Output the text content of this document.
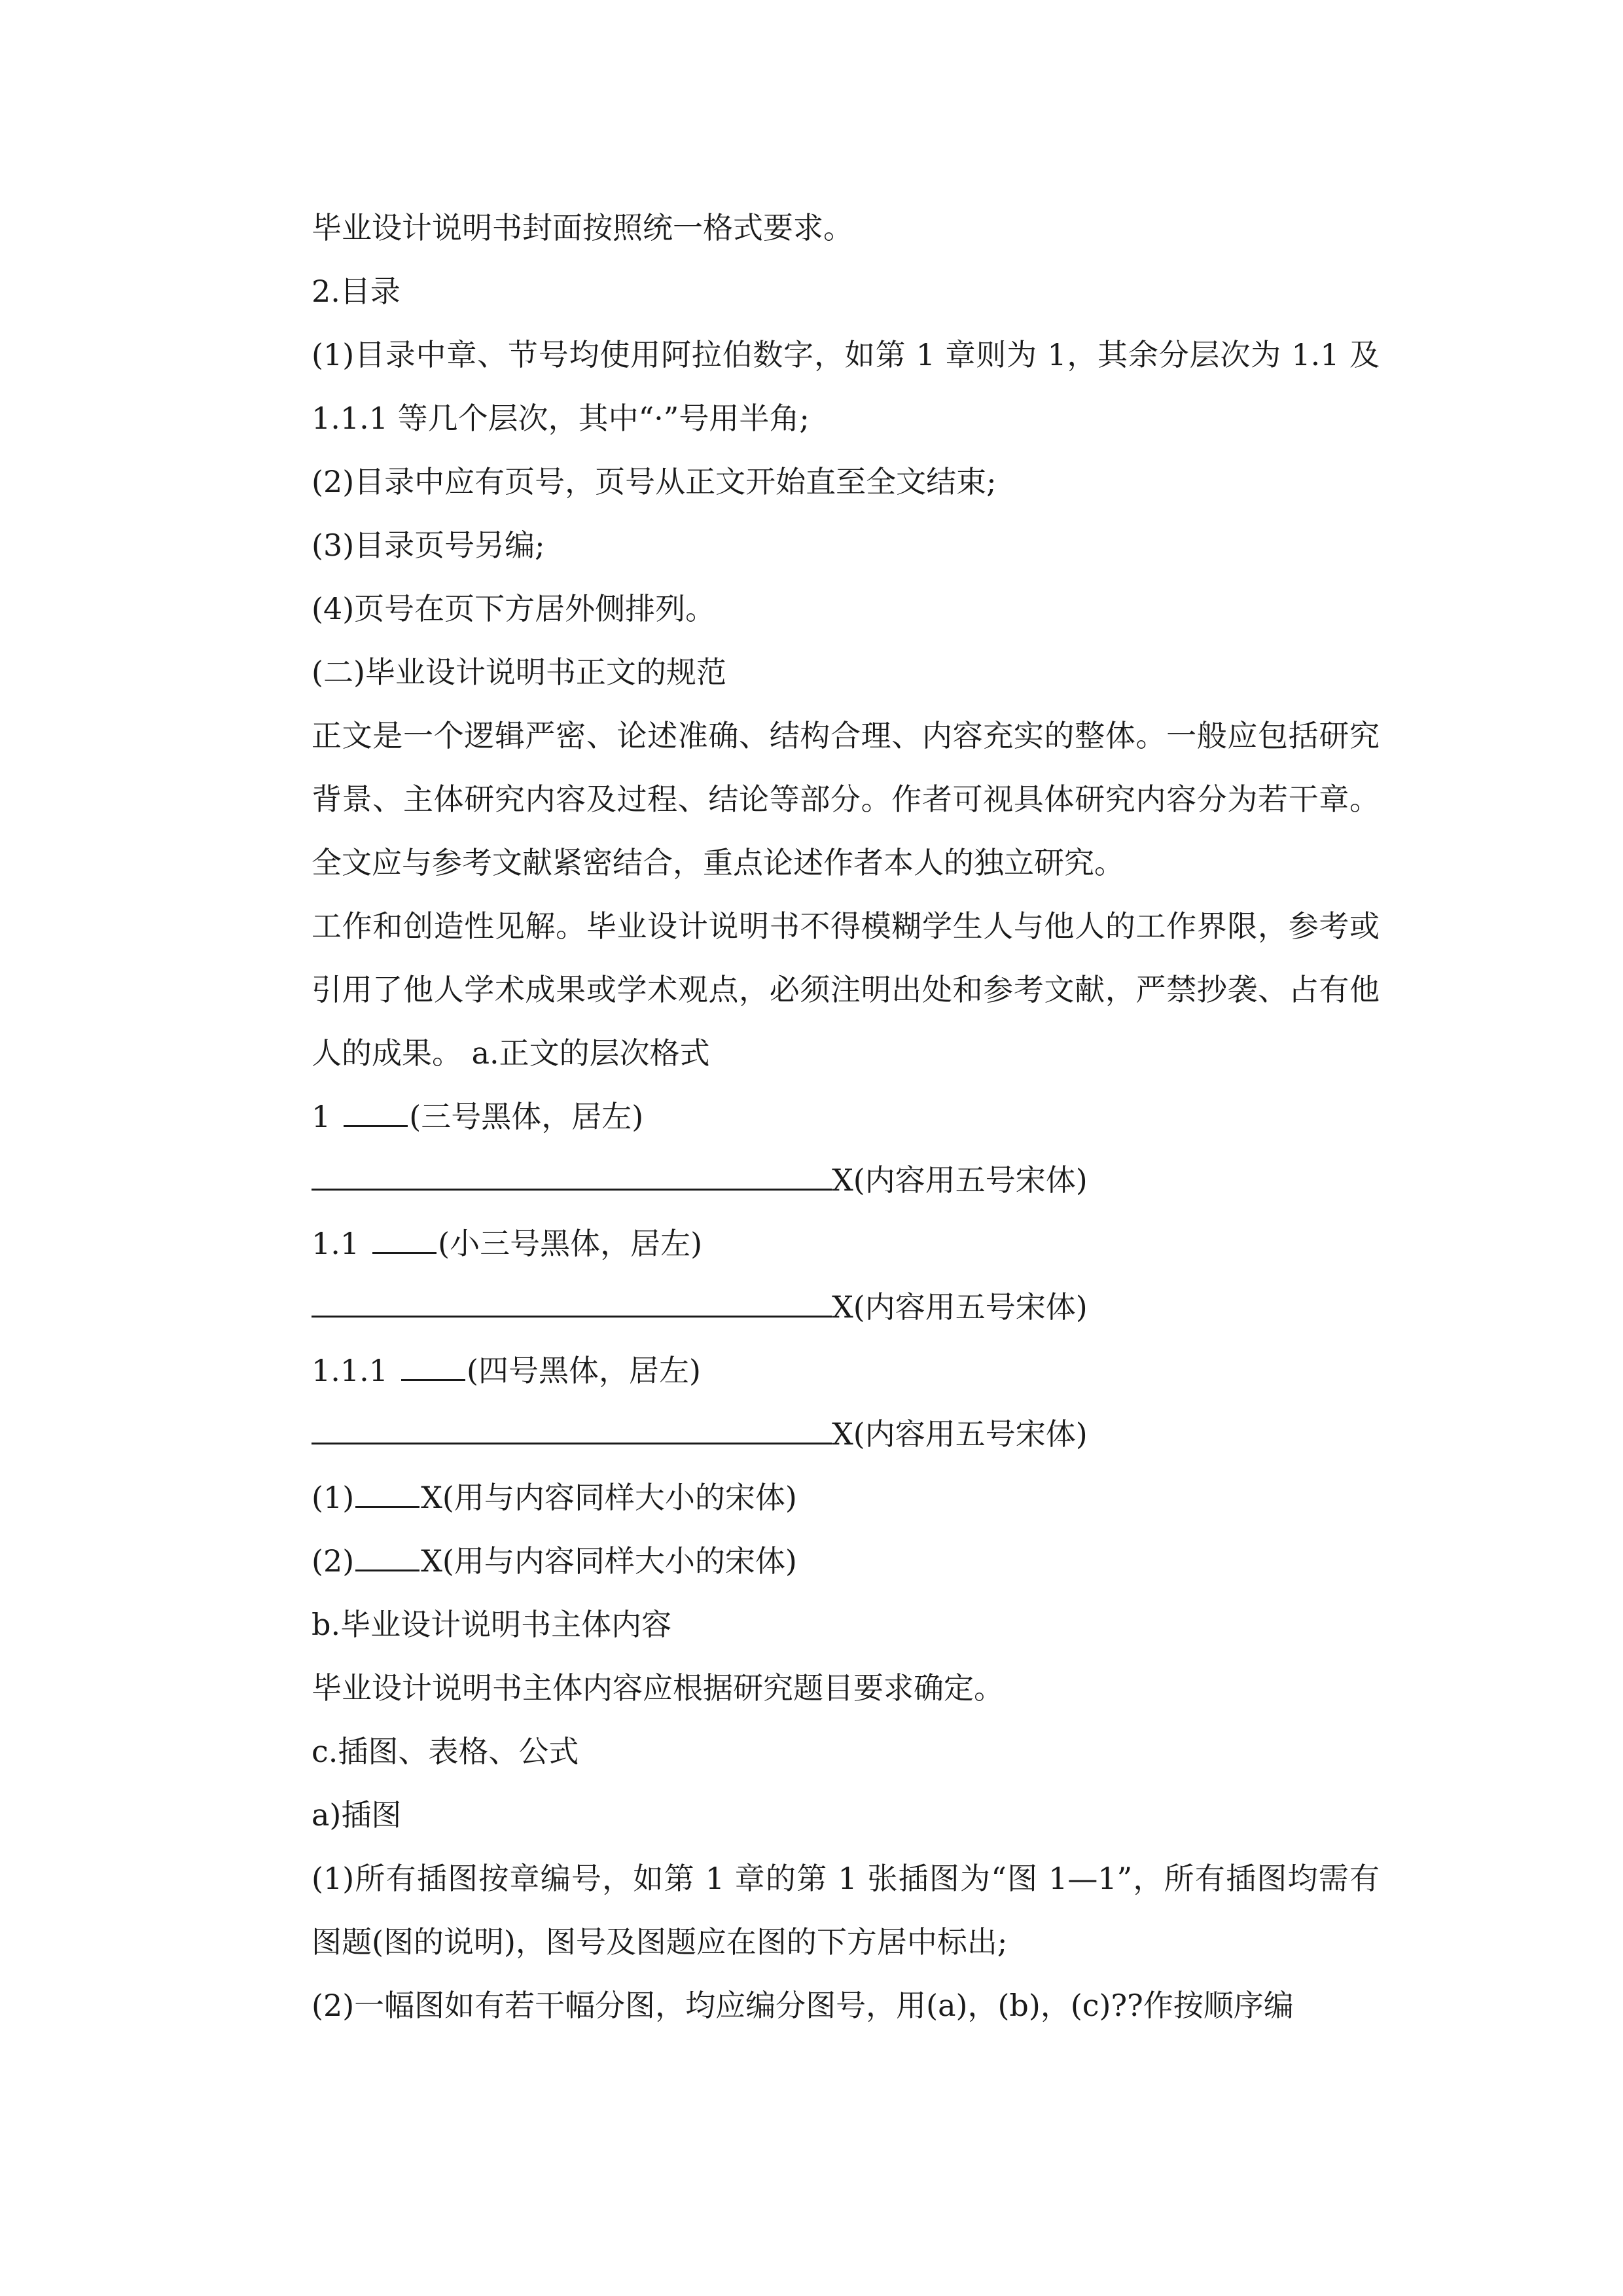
毕业设计说明书封面按照统一格式要求。

2.目录

(1)目录中章、节号均使用阿拉伯数字，如第 1 章则为 1，其余分层次为 1.1 及 1.1.1 等几个层次，其中“·”号用半角;

(2)目录中应有页号，页号从正文开始直至全文结束;

(3)目录页号另编;

(4)页号在页下方居外侧排列。

(二)毕业设计说明书正文的规范

正文是一个逻辑严密、论述准确、结构合理、内容充实的整体。一般应包括研究背景、主体研究内容及过程、结论等部分。作者可视具体研究内容分为若干章。全文应与参考文献紧密结合，重点论述作者本人的独立研究。

工作和创造性见解。毕业设计说明书不得模糊学生人与他人的工作界限，参考或引用了他人学术成果或学术观点，必须注明出处和参考文献，严禁抄袭、占有他人的成果。 a.正文的层次格式

1	(三号黑体，居左)

X(内容用五号宋体)

1.1	(小三号黑体，居左)

X(内容用五号宋体)

1.1.1	(四号黑体，居左)

X(内容用五号宋体)

(1) X(用与内容同样大小的宋体)

(2) X(用与内容同样大小的宋体)

b.毕业设计说明书主体内容

毕业设计说明书主体内容应根据研究题目要求确定。

c.插图、表格、公式

a)插图

(1)所有插图按章编号，如第 1 章的第 1 张插图为“图 1—1”，所有插图均需有图题(图的说明)，图号及图题应在图的下方居中标出;

(2)一幅图如有若干幅分图，均应编分图号，用(a)，(b)，(c)??作按顺序编
